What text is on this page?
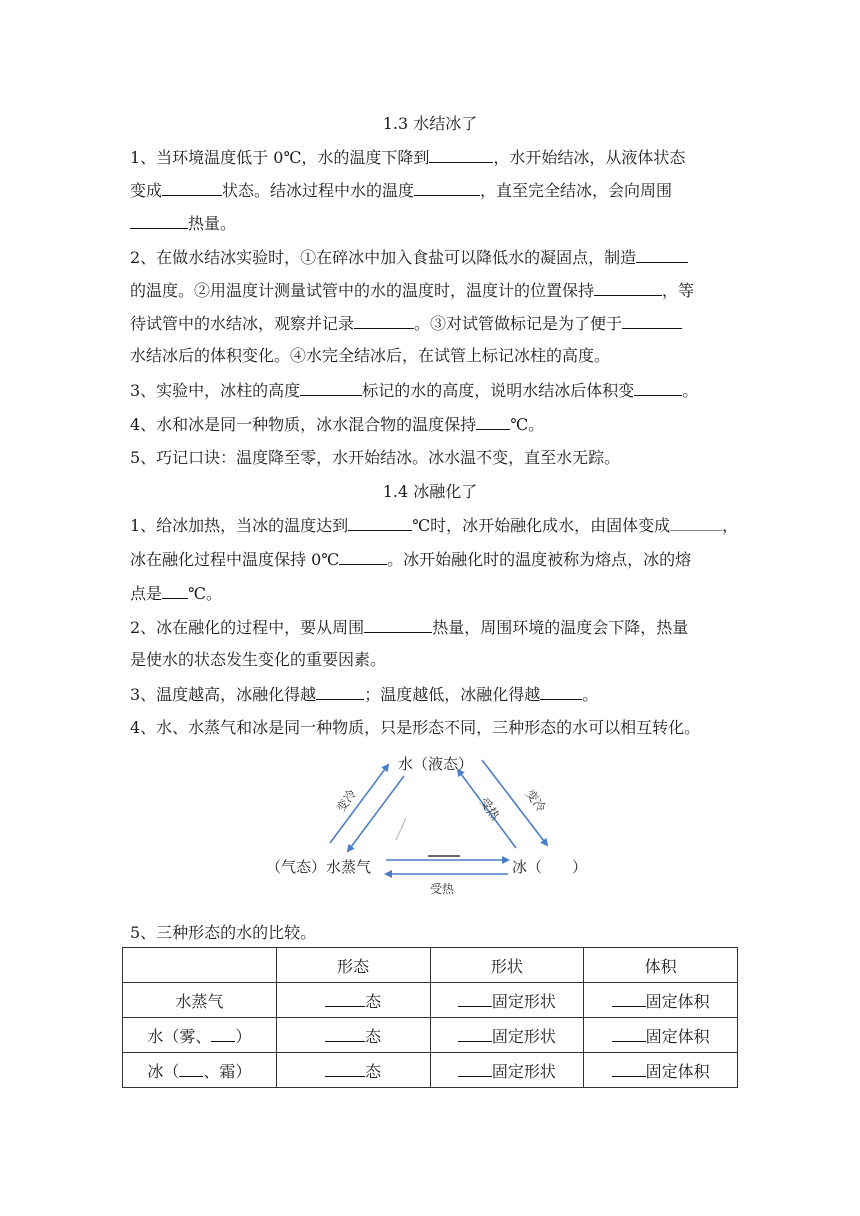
1.3 水结冰了
1、当环境温度低于 0℃，水的温度下降到	，水开始结冰，从液体状态
变成	状态。结冰过程中水的温度	，直至完全结冰，会向周围
热量。
2、在做水结冰实验时，①在碎冰中加入食盐可以降低水的凝固点，制造
的温度。②用温度计测量试管中的水的温度时，温度计的位置保持	，等
待试管中的水结冰，观察并记录	。③对试管做标记是为了便于
水结冰后的体积变化。④水完全结冰后，在试管上标记冰柱的高度。
3、实验中，冰柱的高度	标记的水的高度，说明水结冰后体积变	。
4、水和冰是同一种物质，冰水混合物的温度保持 ℃。
5、巧记口诀：温度降至零，水开始结冰。冰水温不变，直至水无踪。
1.4 冰融化了
1、给冰加热，当冰的温度达到	℃时，冰开始融化成水，由固体变成	，
冰在融化过程中温度保持 0℃	。冰开始融化时的温度被称为熔点，冰的熔
点是 ℃。
2、冰在融化的过程中，要从周围	热量，周围环境的温度会下降，热量
是使水的状态发生变化的重要因素。
3、温度越高，冰融化得越	；温度越低，冰融化得越	。
4、水、水蒸气和冰是同一种物质，只是形态不同，三种形态的水可以相互转化。
水（液态）
（气态）水蒸气	冰（　　）
变冷	受热 变冷
受热
5、三种形态的水的比较。
	形态	形状	体积
水蒸气	态	固定形状	固定体积
水（雾、 ）	态	固定形状	固定体积
冰（ 、霜）	态	固定形状	固定体积
